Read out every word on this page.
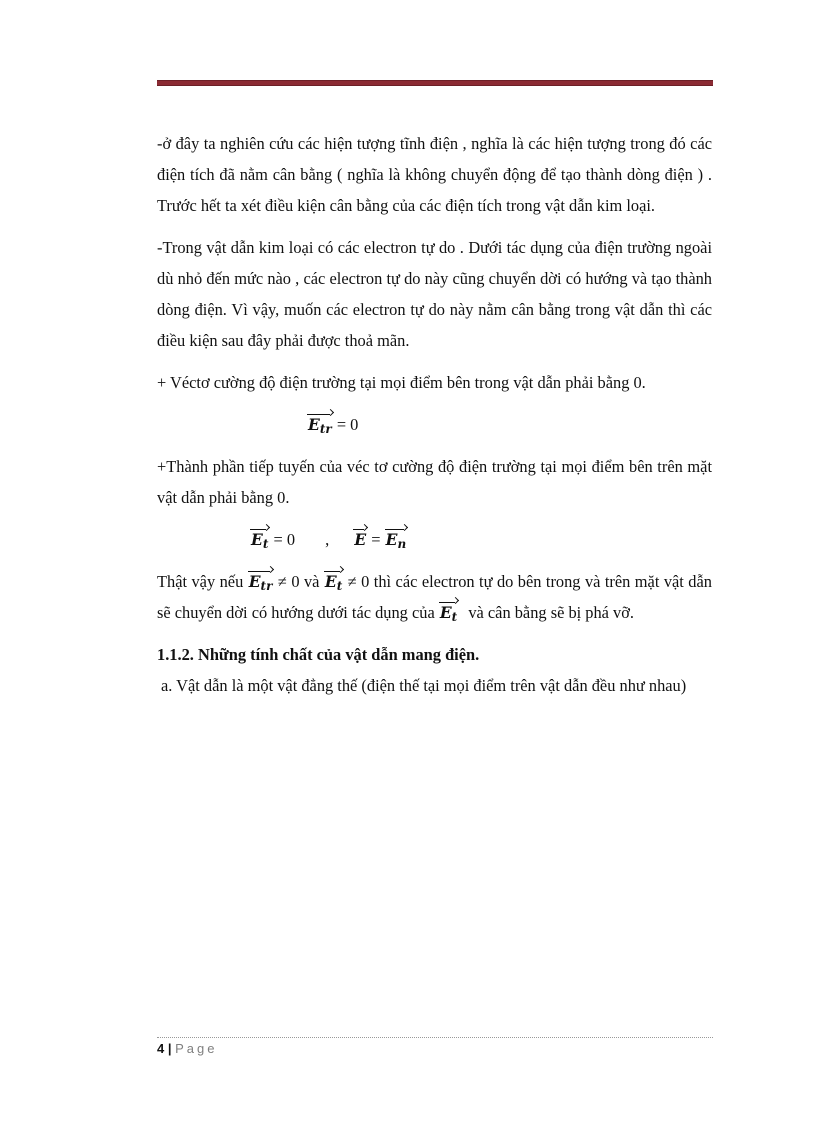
-ở đây ta nghiên cứu các hiện tượng tĩnh điện , nghĩa là các hiện tượng trong đó các điện tích đã nằm cân bằng ( nghĩa là không chuyển động để tạo thành dòng điện ) . Trước hết ta xét điều kiện cân bằng của các điện tích trong vật dẫn kim loại.

-Trong vật dẫn kim loại có các electron tự do . Dưới tác dụng của điện trường ngoài dù nhỏ đến mức nào , các electron tự do này cũng chuyển dời có hướng và tạo thành dòng điện. Vì vậy, muốn các electron tự do này nằm cân bằng trong vật dẫn thì các điều kiện sau đây phải được thoả mãn.

+ Véctơ cường độ điện trường tại mọi điểm bên trong vật dẫn phải bằng 0.

$E_{tr} = 0$

+Thành phần tiếp tuyến của véc tơ cường độ điện trường tại mọi điểm bên trên mặt vật dẫn phải bằng 0.

$E_t = 0$ , $E = E_n$

Thật vậy nếu $E_{tr} \ne 0$ và $E_t \ne 0$ thì các electron tự do bên trong và trên mặt vật dẫn sẽ chuyển dời có hướng dưới tác dụng của $E_t$ và cân bằng sẽ bị phá vỡ.

1.1.2. Những tính chất của vật dẫn mang điện.

a. Vật dẫn là một vật đẳng thế (điện thế tại mọi điểm trên vật dẫn đều như nhau)

4 | Page
